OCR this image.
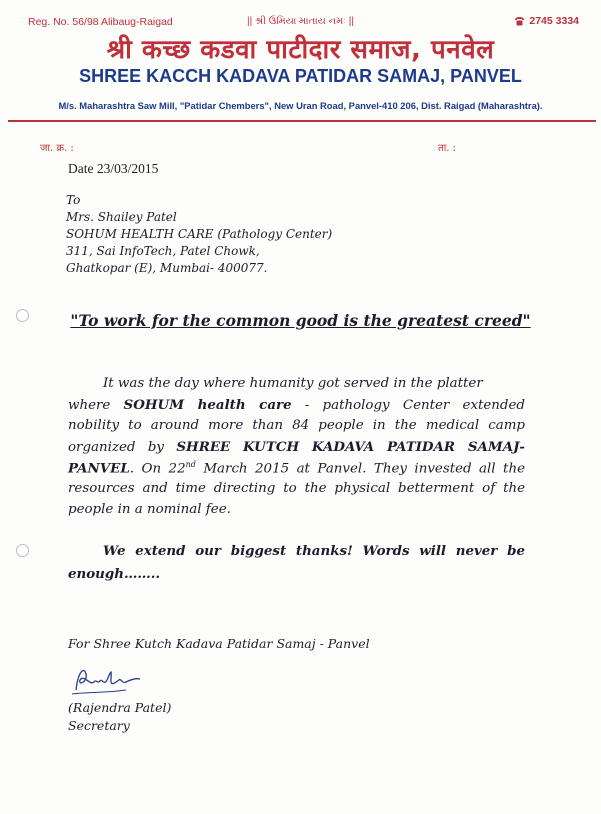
Reg. No. 56/98 Alibaug-Raigad	|| શ્રી ઉમિયા માતાય નમઃ ||	2745 3334
श्री कच्छ कडवा पाटीदार समाज, पनवेल
SHREE KACCH KADAVA PATIDAR SAMAJ, PANVEL
M/s. Maharashtra Saw Mill, "Patidar Chembers", New Uran Road, Panvel-410 206, Dist. Raigad (Maharashtra).
जा. क्र. :	ता. :
Date 23/03/2015
To
Mrs. Shailey Patel
SOHUM HEALTH CARE (Pathology Center)
311, Sai InfoTech, Patel Chowk,
Ghatkopar (E), Mumbai- 400077.
"To work for the common good is the greatest creed"
It was the day where humanity got served in the platter
where SOHUM health care - pathology Center extended
nobility to around more than 84 people in the medical camp
organized by SHREE KUTCH KADAVA PATIDAR SAMAJ-
PANVEL. On 22nd March 2015 at Panvel. They invested all the
resources and time directing to the physical betterment of the
people in a nominal fee.
We extend our biggest thanks! Words will never be
enough……..
For Shree Kutch Kadava Patidar Samaj - Panvel
(Rajendra Patel)
Secretary
